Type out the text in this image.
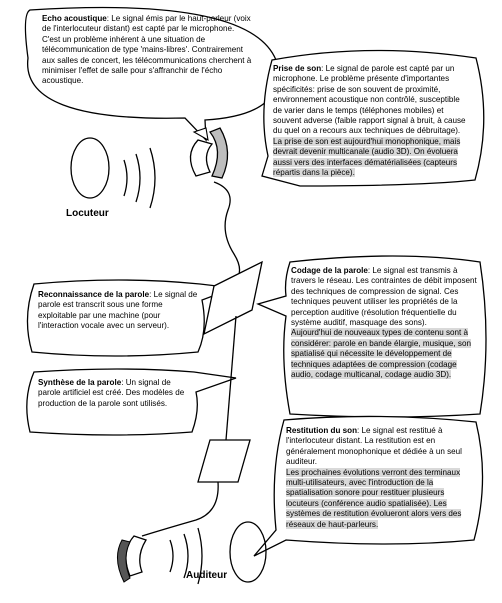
Echo acoustique: Le signal émis par le haut-parleur (voix de l'interlocuteur distant) est capté par le microphone. C'est un problème inhérent à une situation de télécommunication de type 'mains-libres'. Contrairement aux salles de concert, les télécommunications cherchent à minimiser l'effet de salle pour s'affranchir de l'écho acoustique.
Prise de son: Le signal de parole est capté par un microphone. Le problème présente d'importantes spécificités: prise de son souvent de proximité, environnement acoustique non contrôlé, susceptible de varier dans le temps (téléphones mobiles) et souvent adverse (faible rapport signal à bruit, à cause du quel on a recours aux techniques de débruitage).
La prise de son est aujourd'hui monophonique, mais devrait devenir multicanale (audio 3D). On évoluera aussi vers des interfaces dématérialisées (capteurs répartis dans la pièce).
Codage de la parole: Le signal est transmis à travers le réseau. Les contraintes de débit imposent des techniques de compression de signal. Ces techniques peuvent utiliser les propriétés de la perception auditive (résolution fréquentielle du système auditif, masquage des sons).
Aujourd'hui de nouveaux types de contenu sont à considérer: parole en bande élargie, musique, son spatialisé qui nécessite le développement de techniques adaptées de compression (codage audio, codage multicanal, codage audio 3D).
Reconnaissance de la parole: Le signal de parole est transcrit sous une forme exploitable par une machine (pour l'interaction vocale avec un serveur).
Synthèse de la parole: Un signal de parole artificiel est créé. Des modèles de production de la parole sont utilisés.
Restitution du son: Le signal est restitué à l'interlocuteur distant. La restitution est en généralement monophonique et dédiée à un seul auditeur.
Les prochaines évolutions verront des terminaux multi-utilisateurs, avec l'introduction de la spatialisation sonore pour restituer plusieurs locuteurs (conférence audio spatialisée). Les systèmes de restitution évolueront alors vers des réseaux de haut-parleurs.
Locuteur
Auditeur
